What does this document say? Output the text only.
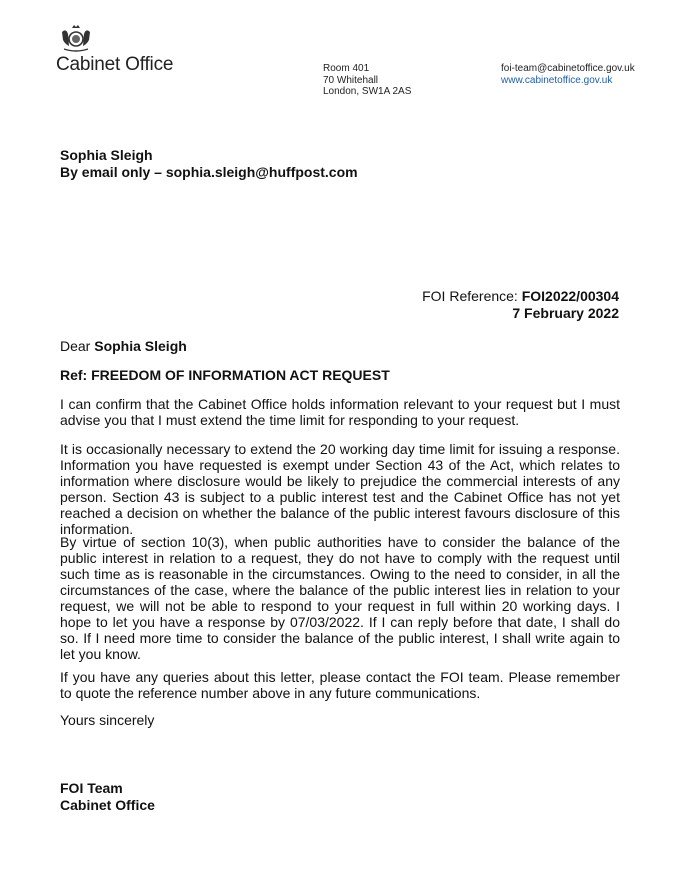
Cabinet Office	Room 401
70 Whitehall
London, SW1A 2AS
foi-team@cabinetoffice.gov.uk
www.cabinetoffice.gov.uk
Sophia Sleigh
By email only – sophia.sleigh@huffpost.com
FOI Reference: FOI2022/00304
7 February 2022
Dear Sophia Sleigh
Ref: FREEDOM OF INFORMATION ACT REQUEST

I can confirm that the Cabinet Office holds information relevant to your request but I must advise you that I must extend the time limit for responding to your request.

It is occasionally necessary to extend the 20 working day time limit for issuing a response. Information you have requested is exempt under Section 43 of the Act, which relates to information where disclosure would be likely to prejudice the commercial interests of any person. Section 43 is subject to a public interest test and the Cabinet Office has not yet reached a decision on whether the balance of the public interest favours disclosure of this information.

By virtue of section 10(3), when public authorities have to consider the balance of the public interest in relation to a request, they do not have to comply with the request until such time as is reasonable in the circumstances. Owing to the need to consider, in all the circumstances of the case, where the balance of the public interest lies in relation to your request, we will not be able to respond to your request in full within 20 working days. I hope to let you have a response by 07/03/2022. If I can reply before that date, I shall do so. If I need more time to consider the balance of the public interest, I shall write again to let you know.

If you have any queries about this letter, please contact the FOI team. Please remember to quote the reference number above in any future communications.

Yours sincerely
FOI Team
Cabinet Office
